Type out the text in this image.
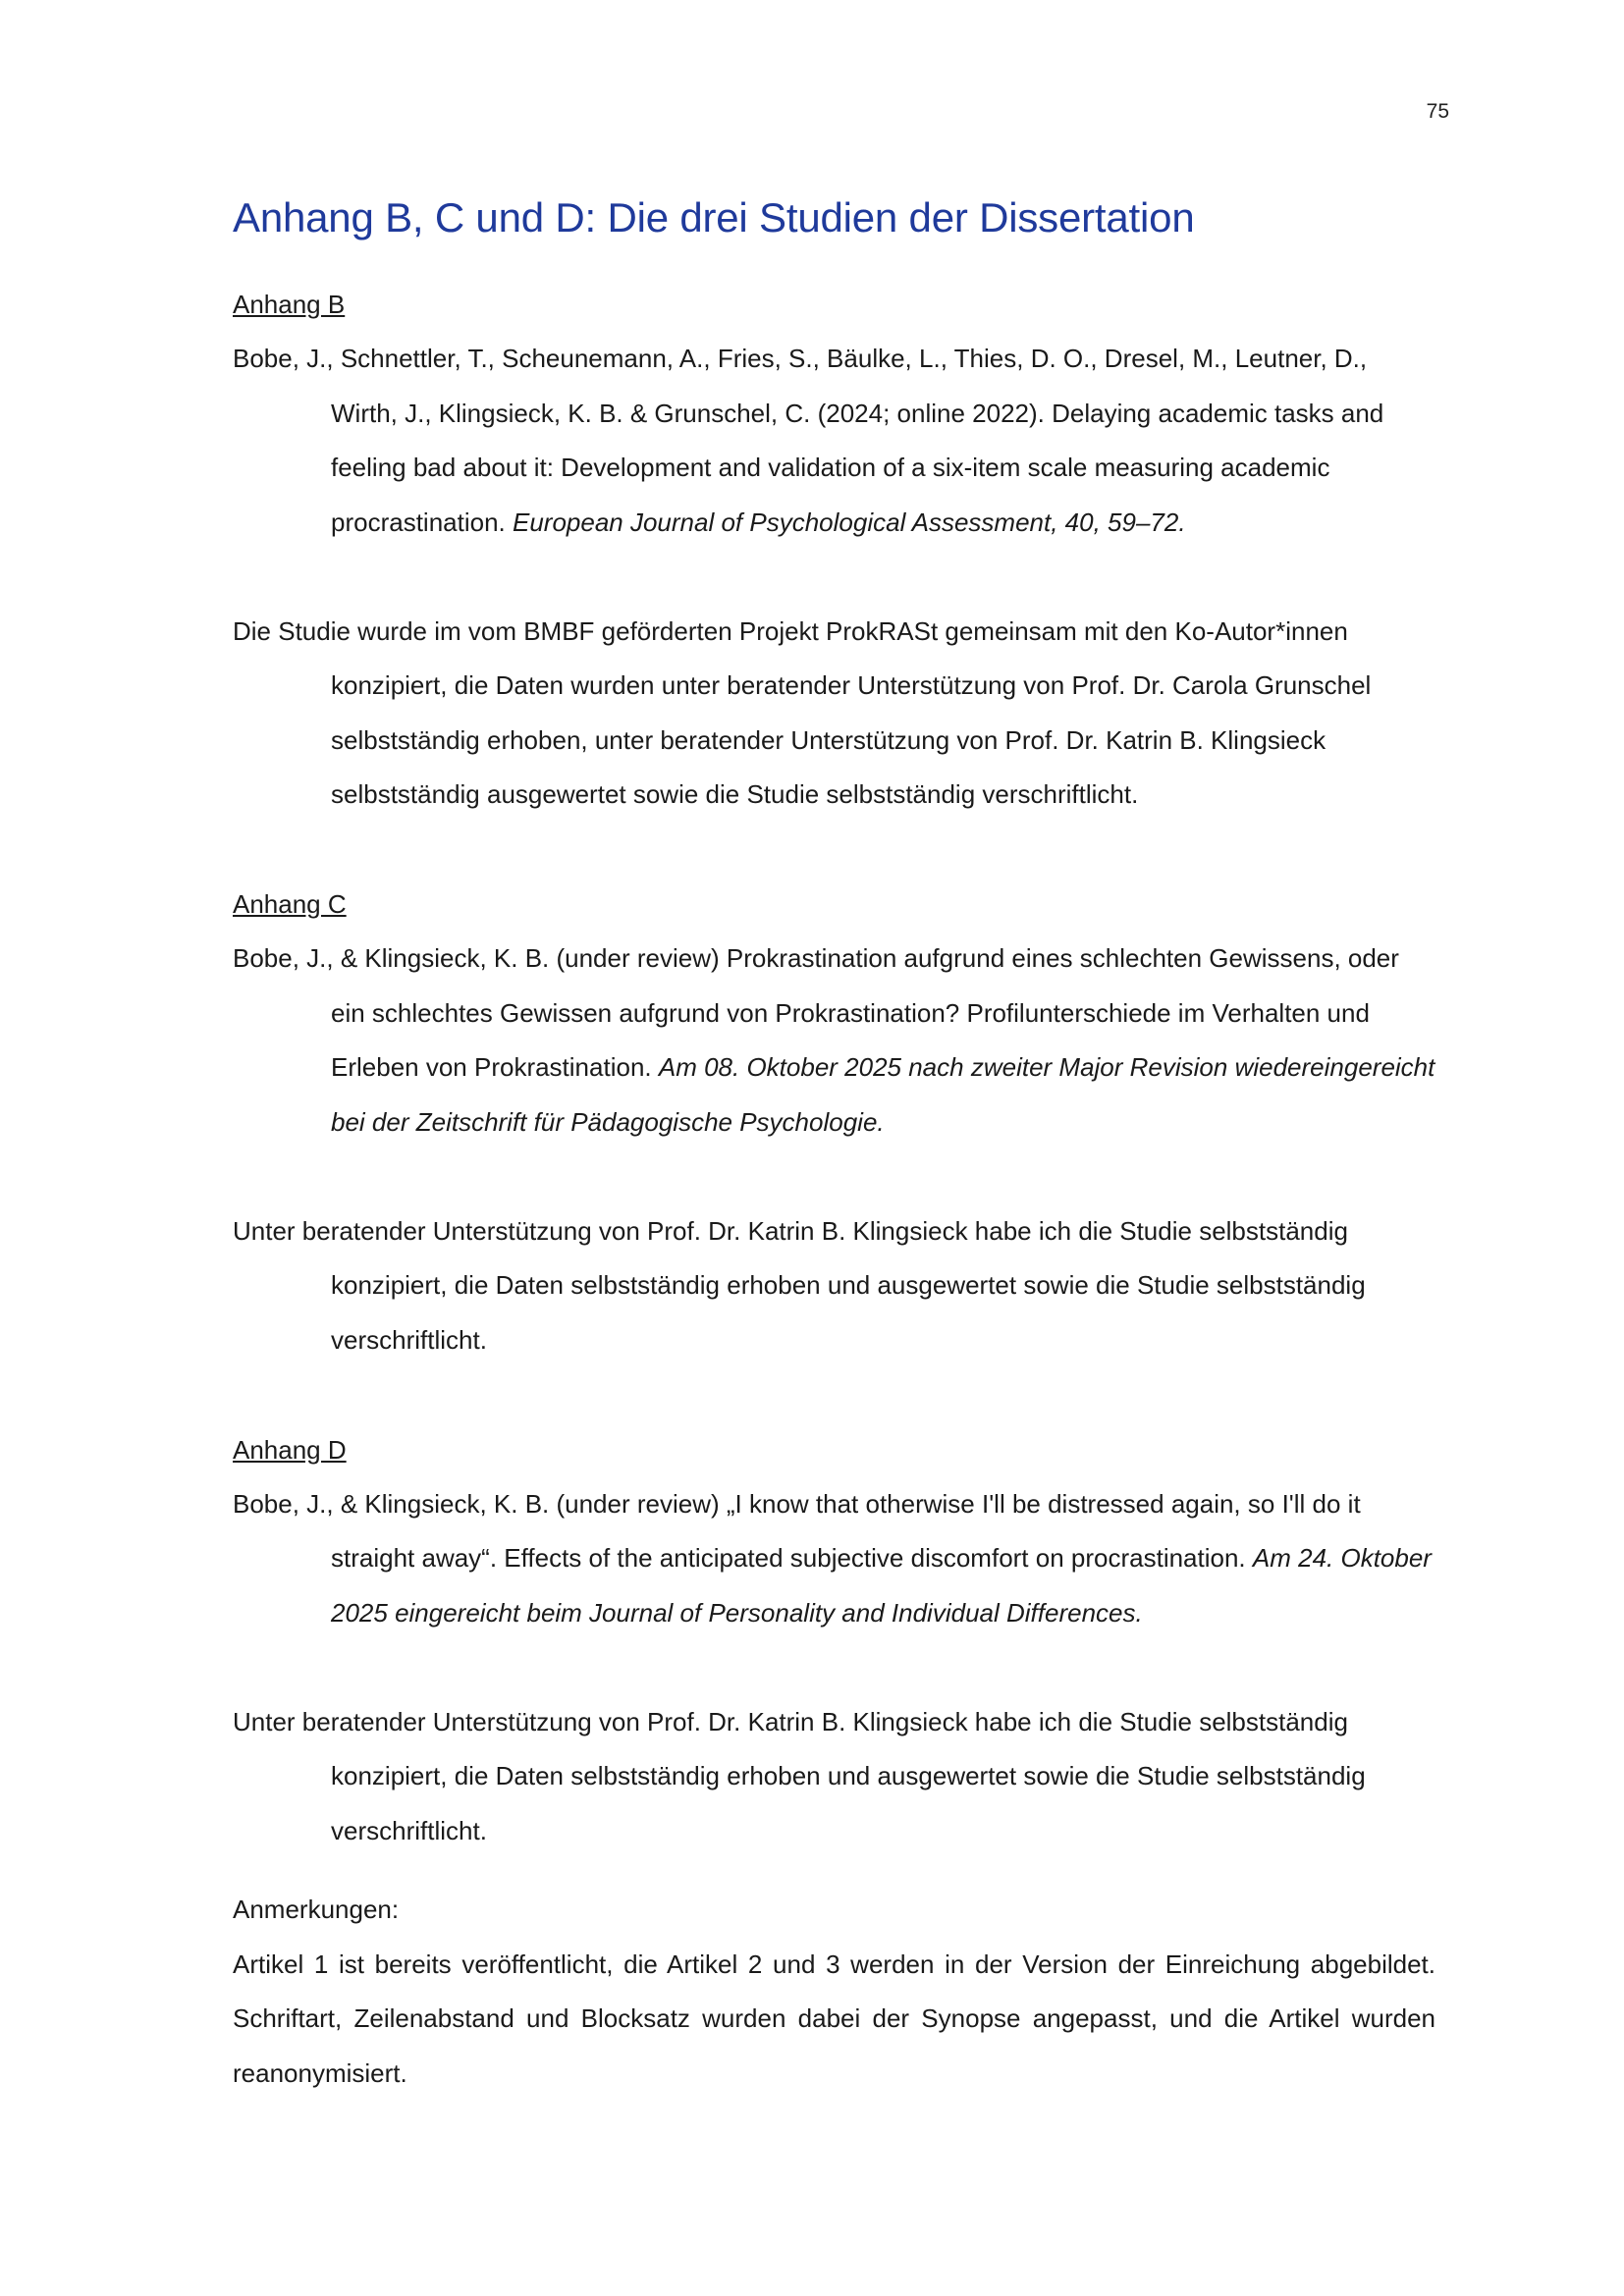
75
Anhang B, C und D: Die drei Studien der Dissertation

Anhang B

Bobe, J., Schnettler, T., Scheunemann, A., Fries, S., Bäulke, L., Thies, D. O., Dresel, M., Leutner, D., Wirth, J., Klingsieck, K. B. & Grunschel, C. (2024; online 2022). Delaying academic tasks and feeling bad about it: Development and validation of a six-item scale measuring academic procrastination. European Journal of Psychological Assessment, 40, 59–72.

Die Studie wurde im vom BMBF geförderten Projekt ProkRASt gemeinsam mit den Ko-Autor*innen konzipiert, die Daten wurden unter beratender Unterstützung von Prof. Dr. Carola Grunschel selbstständig erhoben, unter beratender Unterstützung von Prof. Dr. Katrin B. Klingsieck selbstständig ausgewertet sowie die Studie selbstständig verschriftlicht.

Anhang C

Bobe, J., & Klingsieck, K. B. (under review) Prokrastination aufgrund eines schlechten Gewissens, oder ein schlechtes Gewissen aufgrund von Prokrastination? Profilunterschiede im Verhalten und Erleben von Prokrastination. Am 08. Oktober 2025 nach zweiter Major Revision wiedereingereicht bei der Zeitschrift für Pädagogische Psychologie.

Unter beratender Unterstützung von Prof. Dr. Katrin B. Klingsieck habe ich die Studie selbstständig konzipiert, die Daten selbstständig erhoben und ausgewertet sowie die Studie selbstständig verschriftlicht.

Anhang D

Bobe, J., & Klingsieck, K. B. (under review) „I know that otherwise I'll be distressed again, so I'll do it straight away“. Effects of the anticipated subjective discomfort on procrastination. Am 24. Oktober 2025 eingereicht beim Journal of Personality and Individual Differences.

Unter beratender Unterstützung von Prof. Dr. Katrin B. Klingsieck habe ich die Studie selbstständig konzipiert, die Daten selbstständig erhoben und ausgewertet sowie die Studie selbstständig verschriftlicht.

Anmerkungen:

Artikel 1 ist bereits veröffentlicht, die Artikel 2 und 3 werden in der Version der Einreichung abgebildet. Schriftart, Zeilenabstand und Blocksatz wurden dabei der Synopse angepasst, und die Artikel wurden reanonymisiert.
